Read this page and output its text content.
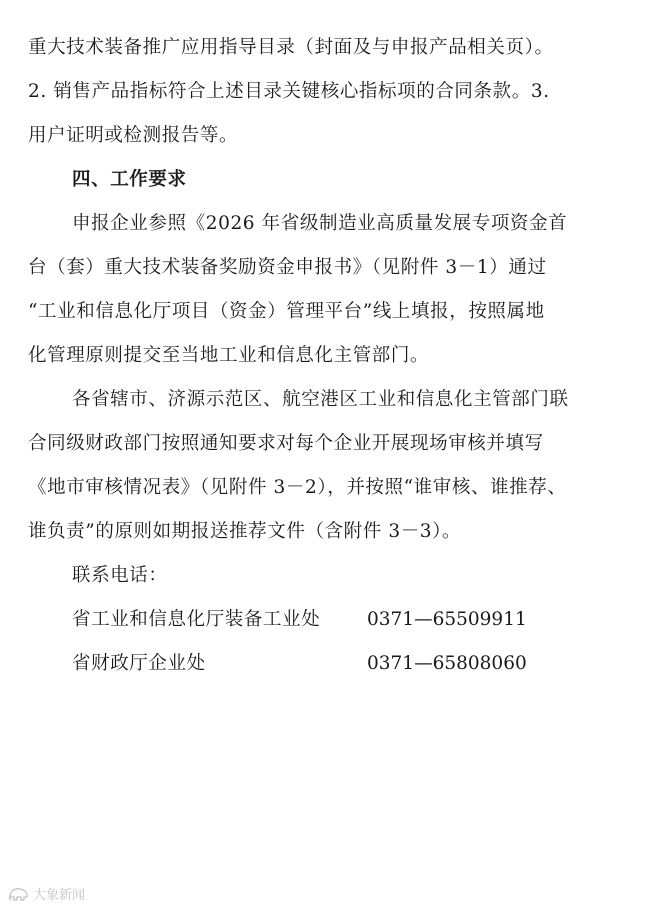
重大技术装备推广应用指导目录（封面及与申报产品相关页）。
2. 销售产品指标符合上述目录关键核心指标项的合同条款。3.
用户证明或检测报告等。
四、工作要求
申报企业参照《2026 年省级制造业高质量发展专项资金首
台（套）重大技术装备奖励资金申报书》（见附件 3－1）通过
“工业和信息化厅项目（资金）管理平台”线上填报，按照属地
化管理原则提交至当地工业和信息化主管部门。
各省辖市、济源示范区、航空港区工业和信息化主管部门联
合同级财政部门按照通知要求对每个企业开展现场审核并填写
《地市审核情况表》（见附件 3－2），并按照“谁审核、谁推荐、
谁负责”的原则如期报送推荐文件（含附件 3－3）。
联系电话：
省工业和信息化厅装备工业处	0371—65509911
省财政厅企业处	0371—65808060
大象新闻
